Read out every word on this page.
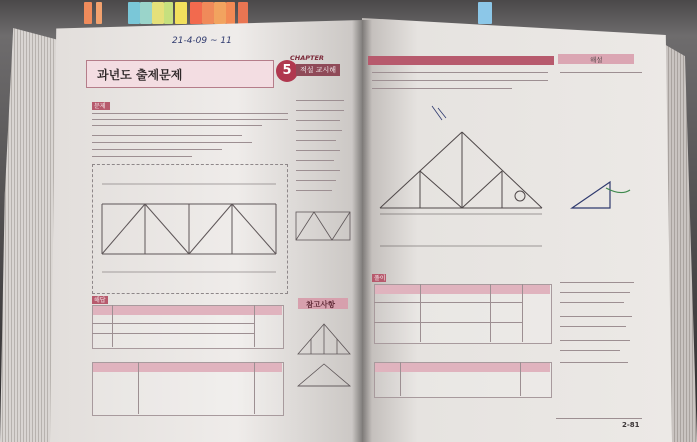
21-4-09 ~ 11
과년도 출제문제	5
CHAPTER
적설 교시해
문제
해답	참고사항
해설
풀이
2-81
